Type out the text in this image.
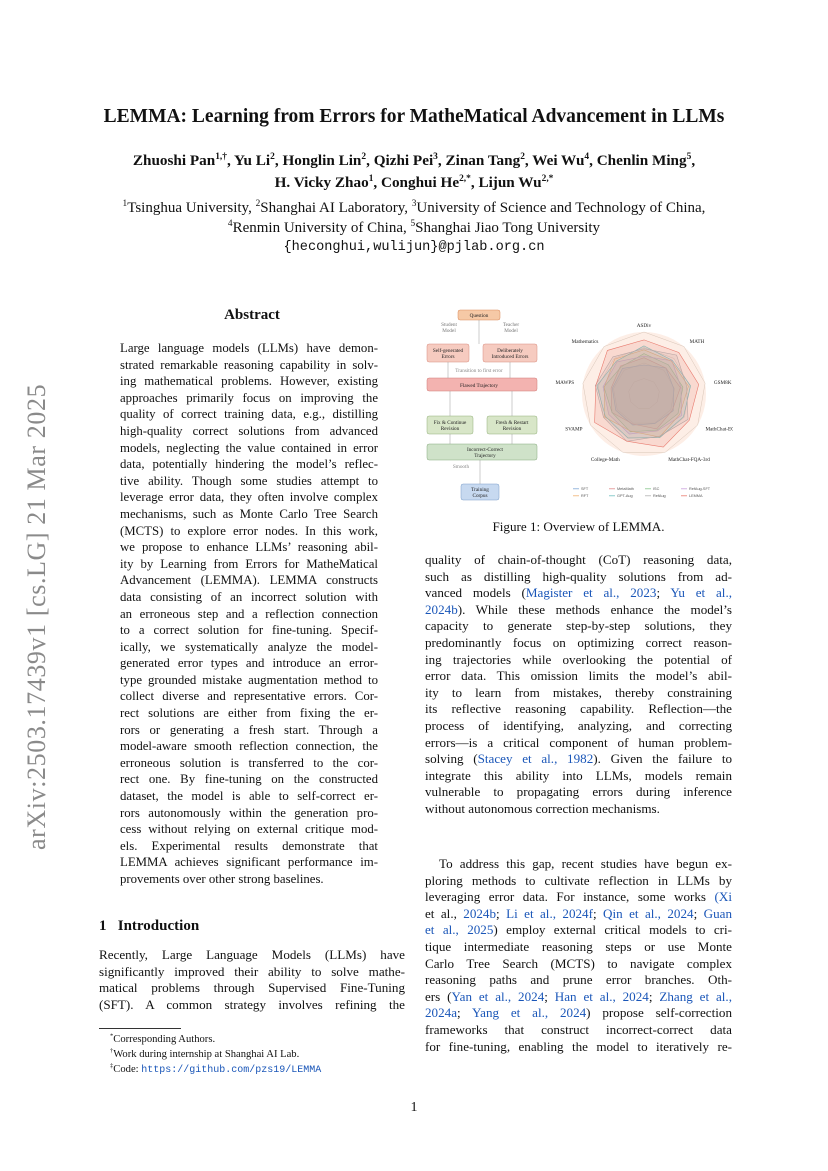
arXiv:2503.17439v1 [cs.LG] 21 Mar 2025
LEMMA: Learning from Errors for MatheMatical Advancement in LLMs
Zhuoshi Pan$^{1,\dagger}$, Yu Li$^2$, Honglin Lin$^2$, Qizhi Pei$^3$, Zinan Tang$^2$, Wei Wu$^4$, Chenlin Ming$^5$,
H. Vicky Zhao$^1$, Conghui $He^{2,*}$, Lijun $Wu^{2,*}$
$^1$Tsinghua University, $^2$Shanghai AI Laboratory, $^3$University of Science and Technology of China,
$^4$Renmin University of China, $^5$Shanghai Jiao Tong University
{heconghui,wulijun}@pjlab.org.cn
Abstract
Large language models (LLMs) have demon-
strated remarkable reasoning capability in solv-
ing mathematical problems. However, existing
approaches primarily focus on improving the
quality of correct training data, e.g., distilling
high-quality correct solutions from advanced
models, neglecting the value contained in error
data, potentially hindering the model’s reflec-
tive ability. Though some studies attempt to
leverage error data, they often involve complex
mechanisms, such as Monte Carlo Tree Search
(MCTS) to explore error nodes. In this work,
we propose to enhance LLMs’ reasoning abil-
ity by Learning from Errors for MatheMatical
Advancement (LEMMA). LEMMA constructs
data consisting of an incorrect solution with
an erroneous step and a reflection connection
to a correct solution for fine-tuning. Specif-
ically, we systematically analyze the model-
generated error types and introduce an error-
type grounded mistake augmentation method to
collect diverse and representative errors. Cor-
rect solutions are either from fixing the er-
rors or generating a fresh start. Through a
model-aware smooth reflection connection, the
erroneous solution is transferred to the cor-
rect one. By fine-tuning on the constructed
dataset, the model is able to self-correct er-
rors autonomously within the generation pro-
cess without relying on external critique mod-
els. Experimental results demonstrate that
LEMMA achieves significant performance im-
provements over other strong baselines.
1 Introduction
Recently, Large Language Models (LLMs) have
significantly improved their ability to solve mathe-
matical problems through Supervised Fine-Tuning
(SFT). A common strategy involves refining the
*Corresponding Authors.
†Work during internship at Shanghai AI Lab.
‡Code: https://github.com/pzs19/LEMMA
Question
Student
Model
Teacher
Model
Self-generated
Errors
Deliberately
Introduced Errors
Transition to first error
Flawed Trajectory
Fix & Continue
Revision
Fresh & Restart
Revision
Incorrect-Correct
Trajectory
Smooth
Training
Corpus
ASDiv
MATH
GSM8K
MathChat-EC
MathChat-FQA-3rd
College-Math
SVAMP
MAWPS
Mathematics
SFT	MetaMath	ISC	RefAug-SFT
RFT	GPT-Aug	RefAug	LEMMA
Figure 1: Overview of LEMMA.
quality of chain-of-thought (CoT) reasoning data,
such as distilling high-quality solutions from ad-
vanced models (Magister et al., 2023; Yu et al.,
2024b). While these methods enhance the model’s
capacity to generate step-by-step solutions, they
predominantly focus on optimizing correct reason-
ing trajectories while overlooking the potential of
error data. This omission limits the model’s abil-
ity to learn from mistakes, thereby constraining
its reflective reasoning capability. Reflection—the
process of identifying, analyzing, and correcting
errors—is a critical component of human problem-
solving (Stacey et al., 1982). Given the failure to
integrate this ability into LLMs, models remain
vulnerable to propagating errors during inference
without autonomous correction mechanisms.
To address this gap, recent studies have begun ex-
ploring methods to cultivate reflection in LLMs by
leveraging error data. For instance, some works (Xi
et al., 2024b; Li et al., 2024f; Qin et al., 2024; Guan
et al., 2025) employ external critical models to cri-
tique intermediate reasoning steps or use Monte
Carlo Tree Search (MCTS) to navigate complex
reasoning paths and prune error branches. Oth-
ers (Yan et al., 2024; Han et al., 2024; Zhang et al.,
2024a; Yang et al., 2024) propose self-correction
frameworks that construct incorrect-correct data
for fine-tuning, enabling the model to iteratively re-
1
